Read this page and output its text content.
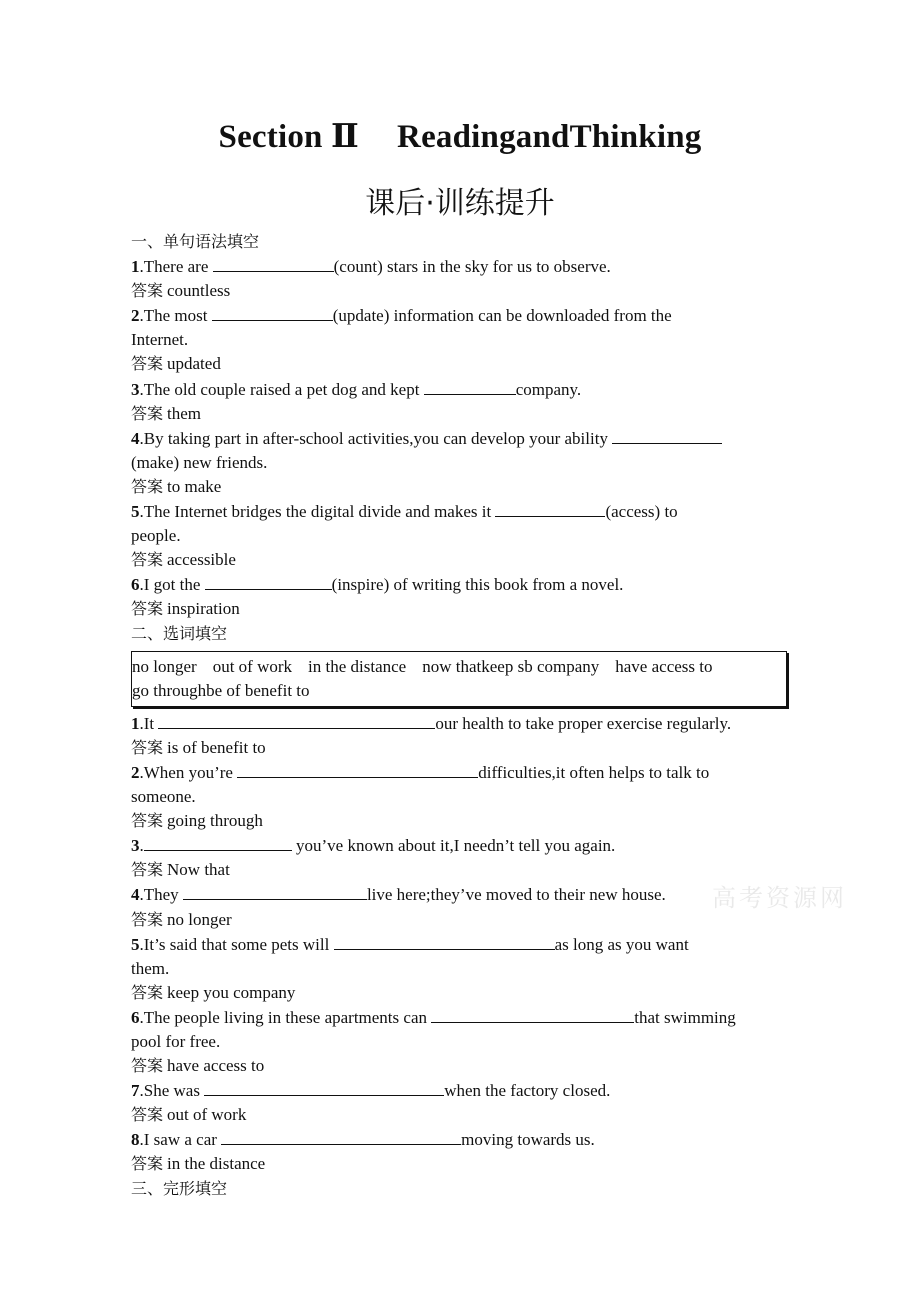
Section Ⅱ ReadingandThinking
课后·训练提升
一、单句语法填空
1.There are	(count) stars in the sky for us to observe.
答案 countless
2.The most	(update) information can be downloaded from the
Internet.
答案 updated
3.The old couple raised a pet dog and kept	company.
答案 them
4.By taking part in after-school activities,you can develop your ability
(make) new friends.
答案 to make
5.The Internet bridges the digital divide and makes it	(access) to
people.
答案 accessible
6.I got the	(inspire) of writing this book from a novel.
答案 inspiration
二、选词填空
no longer out of work in the distance now thatkeep sb company have access to
go throughbe of benefit to
1.It	our health to take proper exercise regularly.
答案 is of benefit to
2.When you’re	difficulties,it often helps to talk to
someone.
答案 going through
3.	you’ve known about it,I needn’t tell you again.
答案 Now that
4.They	live here;they’ve moved to their new house.
答案 no longer
5.It’s said that some pets will	as long as you want
them.
答案 keep you company
6.The people living in these apartments can	that swimming
pool for free.
答案 have access to
7.She was	when the factory closed.
答案 out of work
8.I saw a car	moving towards us.
答案 in the distance
三、完形填空
高考资源网
